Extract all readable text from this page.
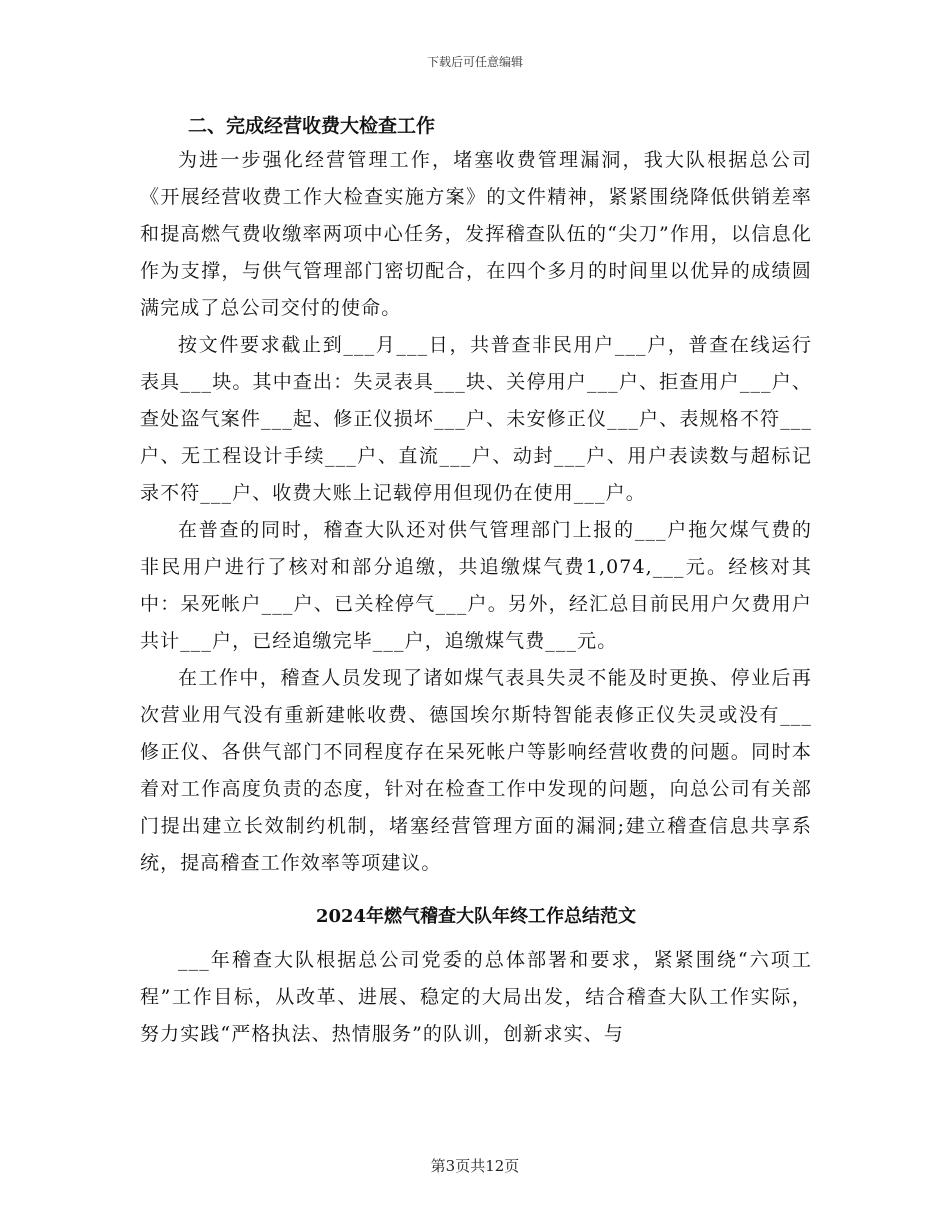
下载后可任意编辑
二、完成经营收费大检查工作

为进一步强化经营管理工作，堵塞收费管理漏洞，我大队根据总公司《开展经营收费工作大检查实施方案》的文件精神，紧紧围绕降低供销差率和提高燃气费收缴率两项中心任务，发挥稽查队伍的“尖刀”作用，以信息化作为支撑，与供气管理部门密切配合，在四个多月的时间里以优异的成绩圆满完成了总公司交付的使命。

按文件要求截止到___月___日，共普查非民用户___户，普查在线运行表具___块。其中查出：失灵表具___块、关停用户___户、拒查用户___户、查处盗气案件___起、修正仪损坏___户、未安修正仪___户、表规格不符___户、无工程设计手续___户、直流___户、动封___户、用户表读数与超标记录不符___户、收费大账上记载停用但现仍在使用___户。

在普查的同时，稽查大队还对供气管理部门上报的___户拖欠煤气费的非民用户进行了核对和部分追缴，共追缴煤气费1,074,___元。经核对其中：呆死帐户___户、已关栓停气___户。另外，经汇总目前民用户欠费用户共计___户，已经追缴完毕___户，追缴煤气费___元。

在工作中，稽查人员发现了诸如煤气表具失灵不能及时更换、停业后再次营业用气没有重新建帐收费、德国埃尔斯特智能表修正仪失灵或没有___修正仪、各供气部门不同程度存在呆死帐户等影响经营收费的问题。同时本着对工作高度负责的态度，针对在检查工作中发现的问题，向总公司有关部门提出建立长效制约机制，堵塞经营管理方面的漏洞;建立稽查信息共享系统，提高稽查工作效率等项建议。

2024年燃气稽查大队年终工作总结范文

___年稽查大队根据总公司党委的总体部署和要求，紧紧围绕“六项工程”工作目标，从改革、进展、稳定的大局出发，结合稽查大队工作实际，努力实践“严格执法、热情服务”的队训，创新求实、与

第3页共12页
